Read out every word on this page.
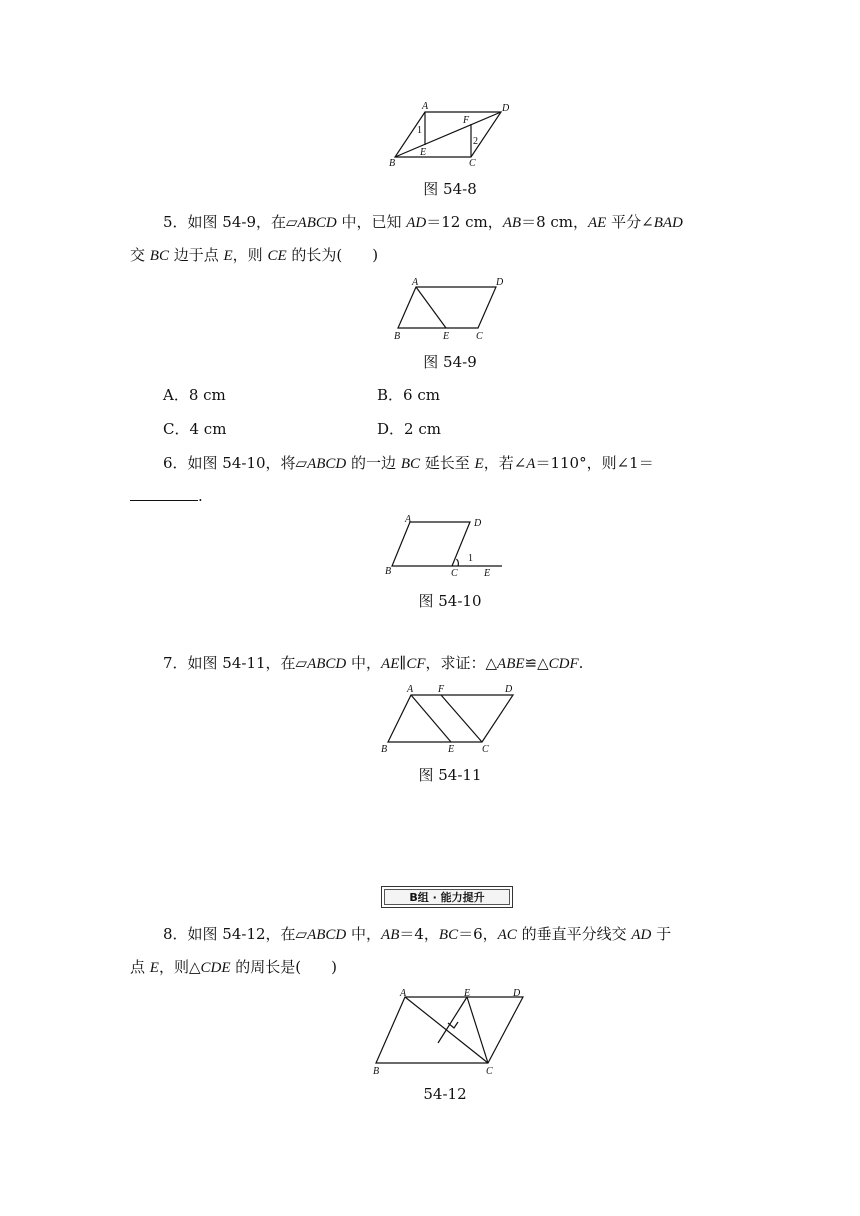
A	D
B	C
E
F
1
2
图 54-8
5．如图 54-9，在▱ABCD 中，已知 AD＝12 cm，AB＝8 cm，AE 平分∠BAD
交 BC 边于点 E，则 CE 的长为( )
A	D
B	E	C
图 54-9
A．8 cm	B．6 cm
C．4 cm	D．2 cm
6．如图 54-10，将▱ABCD 的一边 BC 延长至 E，若∠A＝110°，则∠1＝
.
A	D
B	C	E
1
图 54-10
7．如图 54-11，在▱ABCD 中，AE∥CF，求证：△ABE≌△CDF.
A F	D
B	E	C
图 54-11
B组 · 能力提升
8．如图 54-12，在▱ABCD 中，AB＝4，BC＝6，AC 的垂直平分线交 AD 于
点 E，则△CDE 的周长是( )
A	E	D
B	C
54-12
